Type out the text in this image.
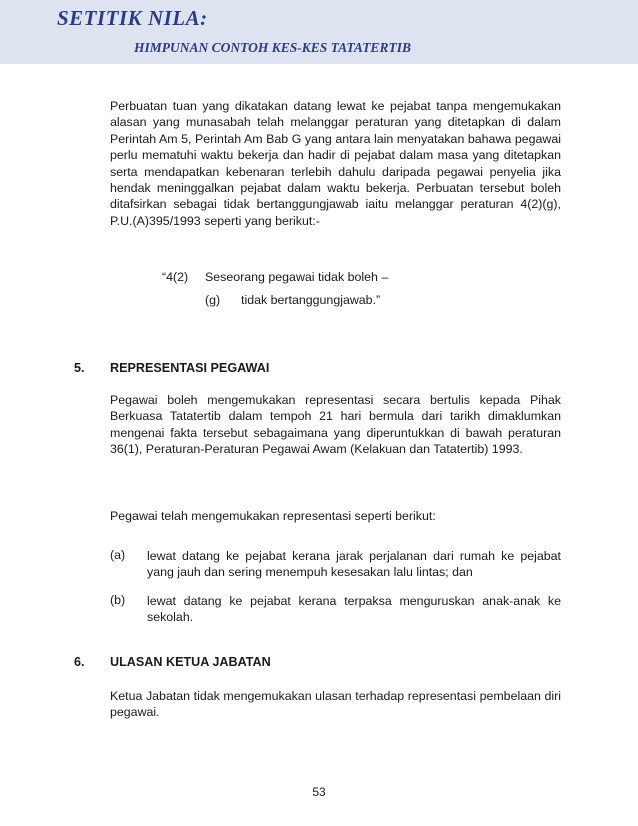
SETITIK NILA:
HIMPUNAN CONTOH KES-KES TATATERTIB

Perbuatan tuan yang dikatakan datang lewat ke pejabat tanpa mengemukakan alasan yang munasabah telah melanggar peraturan yang ditetapkan di dalam Perintah Am 5, Perintah Am Bab G yang antara lain menyatakan bahawa pegawai perlu mematuhi waktu bekerja dan hadir di pejabat dalam masa yang ditetapkan serta mendapatkan kebenaran terlebih dahulu daripada pegawai penyelia jika hendak meninggalkan pejabat dalam waktu bekerja. Perbuatan tersebut boleh ditafsirkan sebagai tidak bertanggungjawab iaitu melanggar peraturan 4(2)(g), P.U.(A)395/1993 seperti yang berikut:-

“4(2) Seseorang pegawai tidak boleh –
(g) tidak bertanggungjawab.”
5. REPRESENTASI PEGAWAI

Pegawai boleh mengemukakan representasi secara bertulis kepada Pihak Berkuasa Tatatertib dalam tempoh 21 hari bermula dari tarikh dimaklumkan mengenai fakta tersebut sebagaimana yang diperuntukkan di bawah peraturan 36(1), Peraturan-Peraturan Pegawai Awam (Kelakuan dan Tatatertib) 1993.

Pegawai telah mengemukakan representasi seperti berikut:

(a) lewat datang ke pejabat kerana jarak perjalanan dari rumah ke pejabat yang jauh dan sering menempuh kesesakan lalu lintas; dan

(b) lewat datang ke pejabat kerana terpaksa menguruskan anak-anak ke sekolah.

6. ULASAN KETUA JABATAN

Ketua Jabatan tidak mengemukakan ulasan terhadap representasi pembelaan diri pegawai.

53
